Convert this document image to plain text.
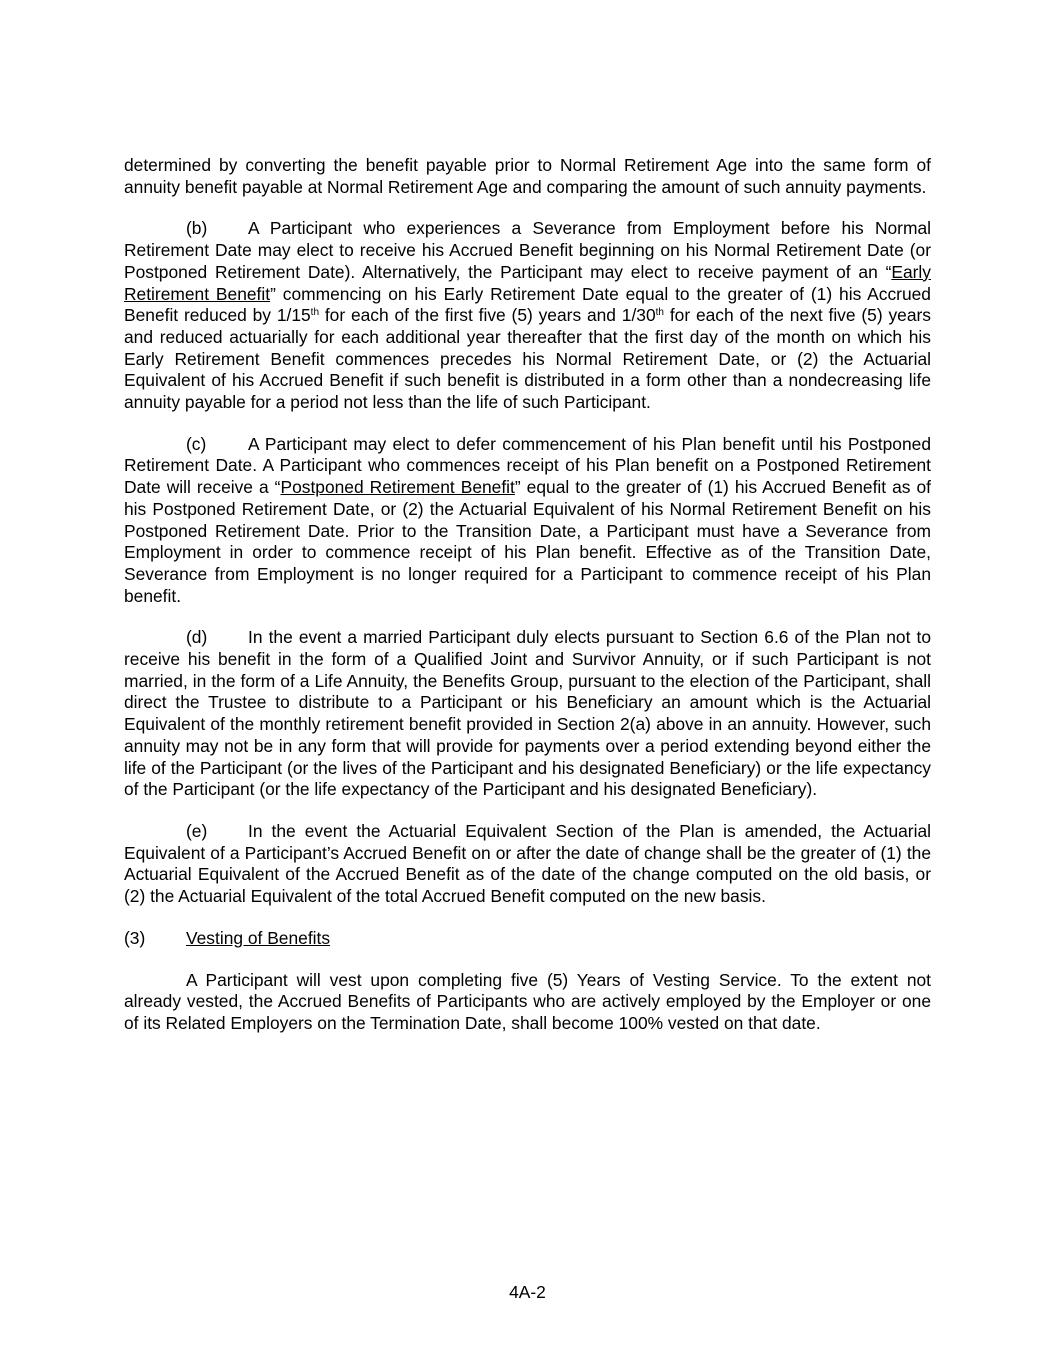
determined by converting the benefit payable prior to Normal Retirement Age into the same form of annuity benefit payable at Normal Retirement Age and comparing the amount of such annuity payments.

(b) A Participant who experiences a Severance from Employment before his Normal Retirement Date may elect to receive his Accrued Benefit beginning on his Normal Retirement Date (or Postponed Retirement Date). Alternatively, the Participant may elect to receive payment of an “Early Retirement Benefit” commencing on his Early Retirement Date equal to the greater of (1) his Accrued Benefit reduced by 1/15th for each of the first five (5) years and 1/30th for each of the next five (5) years and reduced actuarially for each additional year thereafter that the first day of the month on which his Early Retirement Benefit commences precedes his Normal Retirement Date, or (2) the Actuarial Equivalent of his Accrued Benefit if such benefit is distributed in a form other than a nondecreasing life annuity payable for a period not less than the life of such Participant.

(c) A Participant may elect to defer commencement of his Plan benefit until his Postponed Retirement Date. A Participant who commences receipt of his Plan benefit on a Postponed Retirement Date will receive a “Postponed Retirement Benefit” equal to the greater of (1) his Accrued Benefit as of his Postponed Retirement Date, or (2) the Actuarial Equivalent of his Normal Retirement Benefit on his Postponed Retirement Date. Prior to the Transition Date, a Participant must have a Severance from Employment in order to commence receipt of his Plan benefit. Effective as of the Transition Date, Severance from Employment is no longer required for a Participant to commence receipt of his Plan benefit.

(d) In the event a married Participant duly elects pursuant to Section 6.6 of the Plan not to receive his benefit in the form of a Qualified Joint and Survivor Annuity, or if such Participant is not married, in the form of a Life Annuity, the Benefits Group, pursuant to the election of the Participant, shall direct the Trustee to distribute to a Participant or his Beneficiary an amount which is the Actuarial Equivalent of the monthly retirement benefit provided in Section 2(a) above in an annuity. However, such annuity may not be in any form that will provide for payments over a period extending beyond either the life of the Participant (or the lives of the Participant and his designated Beneficiary) or the life expectancy of the Participant (or the life expectancy of the Participant and his designated Beneficiary).

(e) In the event the Actuarial Equivalent Section of the Plan is amended, the Actuarial Equivalent of a Participant’s Accrued Benefit on or after the date of change shall be the greater of (1) the Actuarial Equivalent of the Accrued Benefit as of the date of the change computed on the old basis, or (2) the Actuarial Equivalent of the total Accrued Benefit computed on the new basis.

(3)	Vesting of Benefits

A Participant will vest upon completing five (5) Years of Vesting Service. To the extent not already vested, the Accrued Benefits of Participants who are actively employed by the Employer or one of its Related Employers on the Termination Date, shall become 100% vested on that date.

4A-2
